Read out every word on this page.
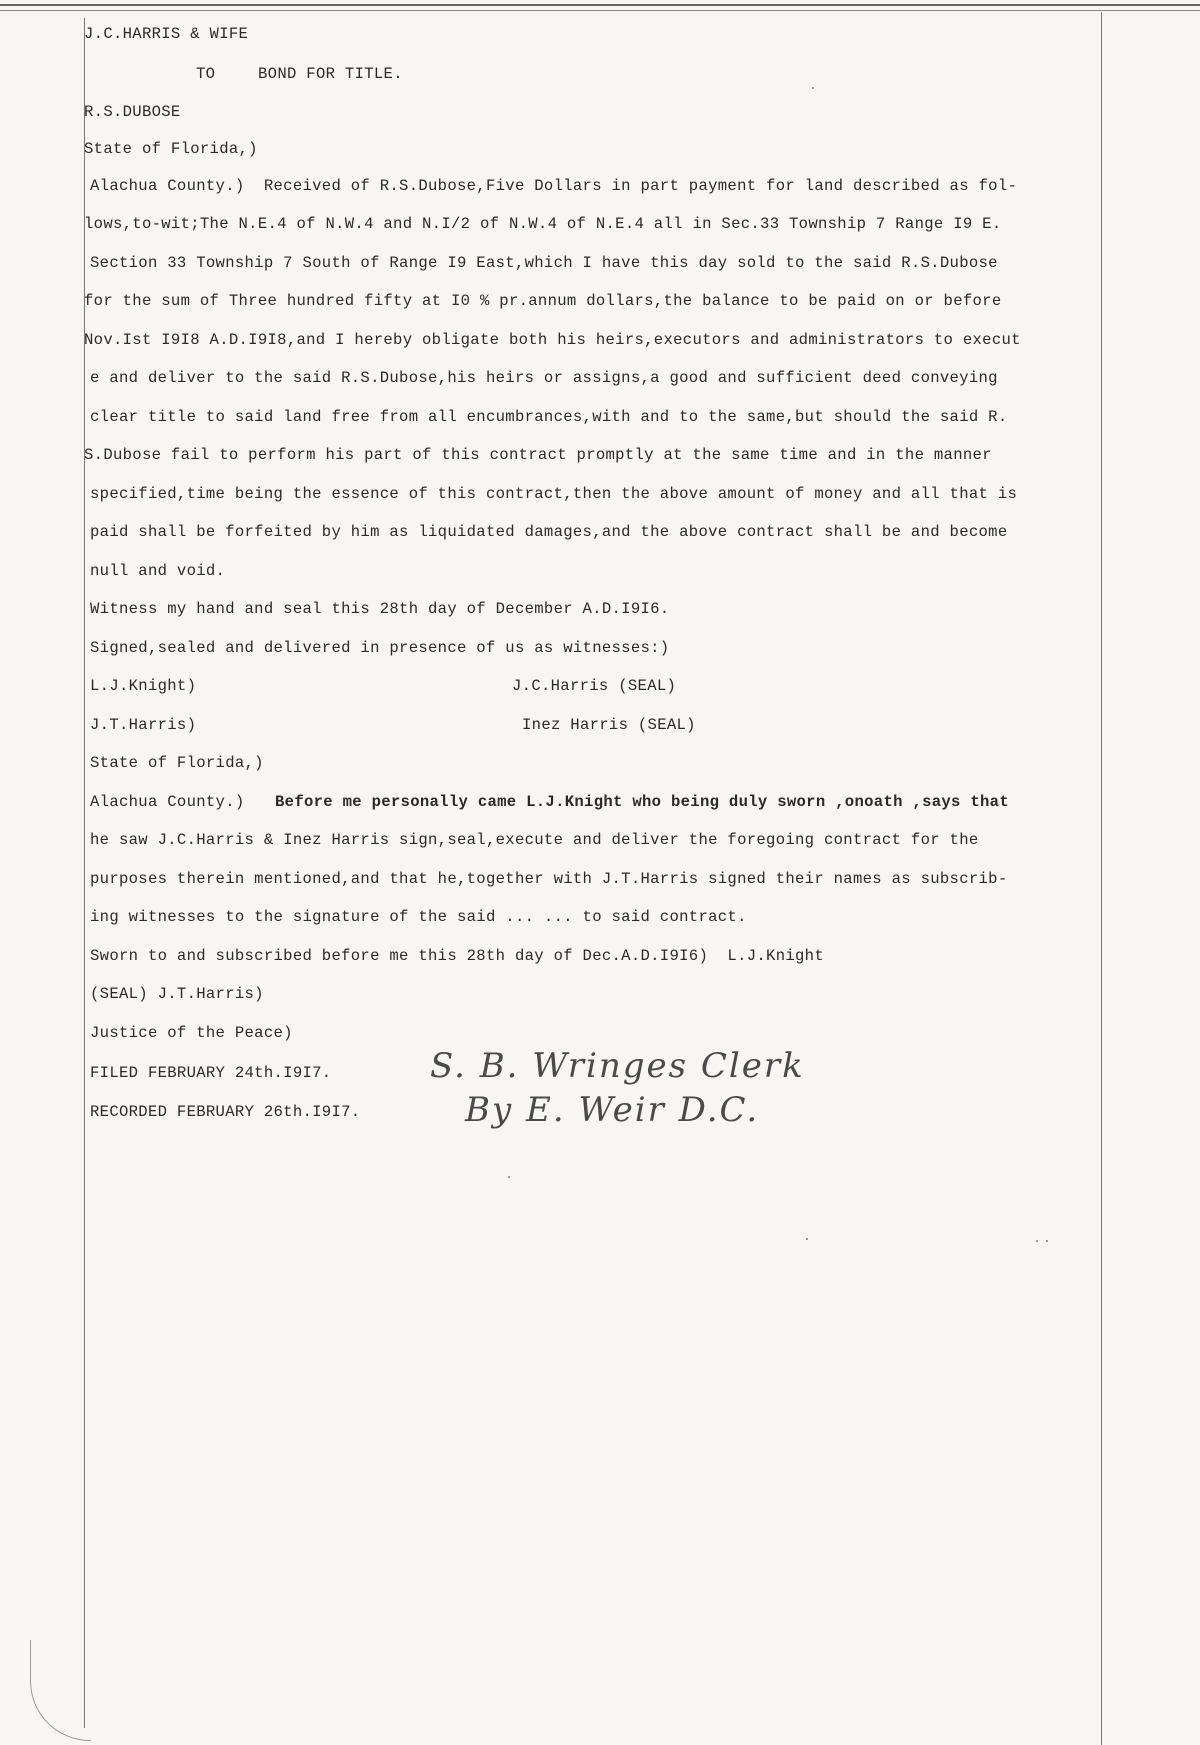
J.C.HARRIS & WIFE
TO	BOND FOR TITLE.
R.S.DUBOSE
State of Florida,)
Alachua County.)  Received of R.S.Dubose,Five Dollars in part payment for land described as fol-
lows,to-wit;The N.E.4 of N.W.4 and N.I/2 of N.W.4 of N.E.4 all in Sec.33 Township 7 Range I9 E.
Section 33 Township 7 South of Range I9 East,which I have this day sold to the said R.S.Dubose
for the sum of Three hundred fifty at I0 % pr.annum dollars,the balance to be paid on or before
Nov.Ist I9I8 A.D.I9I8,and I hereby obligate both his heirs,executors and administrators to execut
e and deliver to the said R.S.Dubose,his heirs or assigns,a good and sufficient deed conveying
clear title to said land free from all encumbrances,with and to the same,but should the said R.
S.Dubose fail to perform his part of this contract promptly at the same time and in the manner
specified,time being the essence of this contract,then the above amount of money and all that is
paid shall be forfeited by him as liquidated damages,and the above contract shall be and become
null and void.
Witness my hand and seal this 28th day of December A.D.I9I6.
Signed,sealed and delivered in presence of us as witnesses:)
L.J.Knight)	J.C.Harris (SEAL)
J.T.Harris)	Inez Harris (SEAL)
State of Florida,)
Alachua County.) Before me personally came L.J.Knight who being duly sworn ,onoath ,says that
he saw J.C.Harris & Inez Harris sign,seal,execute and deliver the foregoing contract for the
purposes therein mentioned,and that he,together with J.T.Harris signed their names as subscrib-
ing witnesses to the signature of the said ... ... to said contract.
Sworn to and subscribed before me this 28th day of Dec.A.D.I9I6)  L.J.Knight
(SEAL) J.T.Harris)
Justice of the Peace)
FILED FEBRUARY 24th.I9I7.
RECORDED FEBRUARY 26th.I9I7.
S. B. Wringes Clerk
By E. Weir D.C.
